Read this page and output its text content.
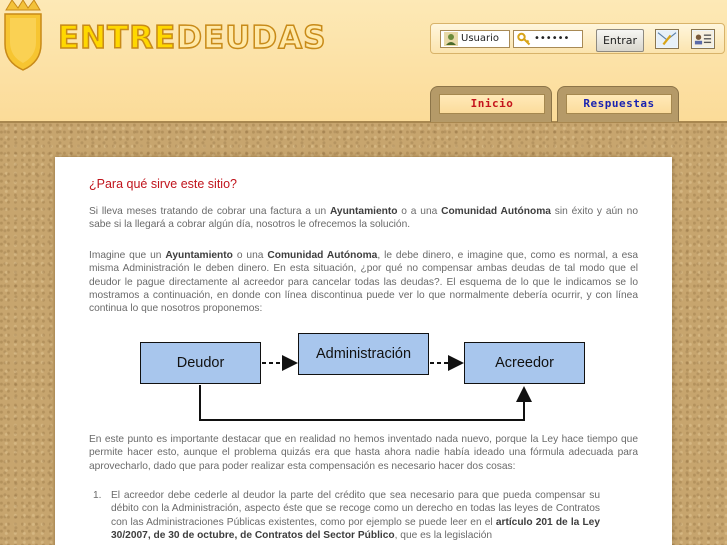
ENTREDEUDAS	Usuario	••••••	Entrar
Inicio	Respuestas
¿Para qué sirve este sitio?

Si lleva meses tratando de cobrar una factura a un Ayuntamiento o a una Comunidad Autónoma sin éxito y aún no sabe si la llegará a cobrar algún día, nosotros le ofrecemos la solución.

Imagine que un Ayuntamiento o una Comunidad Autónoma, le debe dinero, e imagine que, como es normal, a esa misma Administración le deben dinero. En esta situación, ¿por qué no compensar ambas deudas de tal modo que el deudor le pague directamente al acreedor para cancelar todas las deudas?. El esquema de lo que le indicamos se lo mostramos a continuación, en donde con línea discontinua puede ver lo que normalmente debería ocurrir, y con línea continua lo que nosotros proponemos:

Deudor
Administración
Acreedor

En este punto es importante destacar que en realidad no hemos inventado nada nuevo, porque la Ley hace tiempo que permite hacer esto, aunque el problema quizás era que hasta ahora nadie había ideado una fórmula adecuada para aprovecharlo, dado que para poder realizar esta compensación es necesario hacer dos cosas:

1. El acreedor debe cederle al deudor la parte del crédito que sea necesario para que pueda compensar su débito con la Administración, aspecto éste que se recoge como un derecho en todas las leyes de Contratos con las Administraciones Públicas existentes, como por ejemplo se puede leer en el artículo 201 de la Ley 30/2007, de 30 de octubre, de Contratos del Sector Público, que es la legislación
